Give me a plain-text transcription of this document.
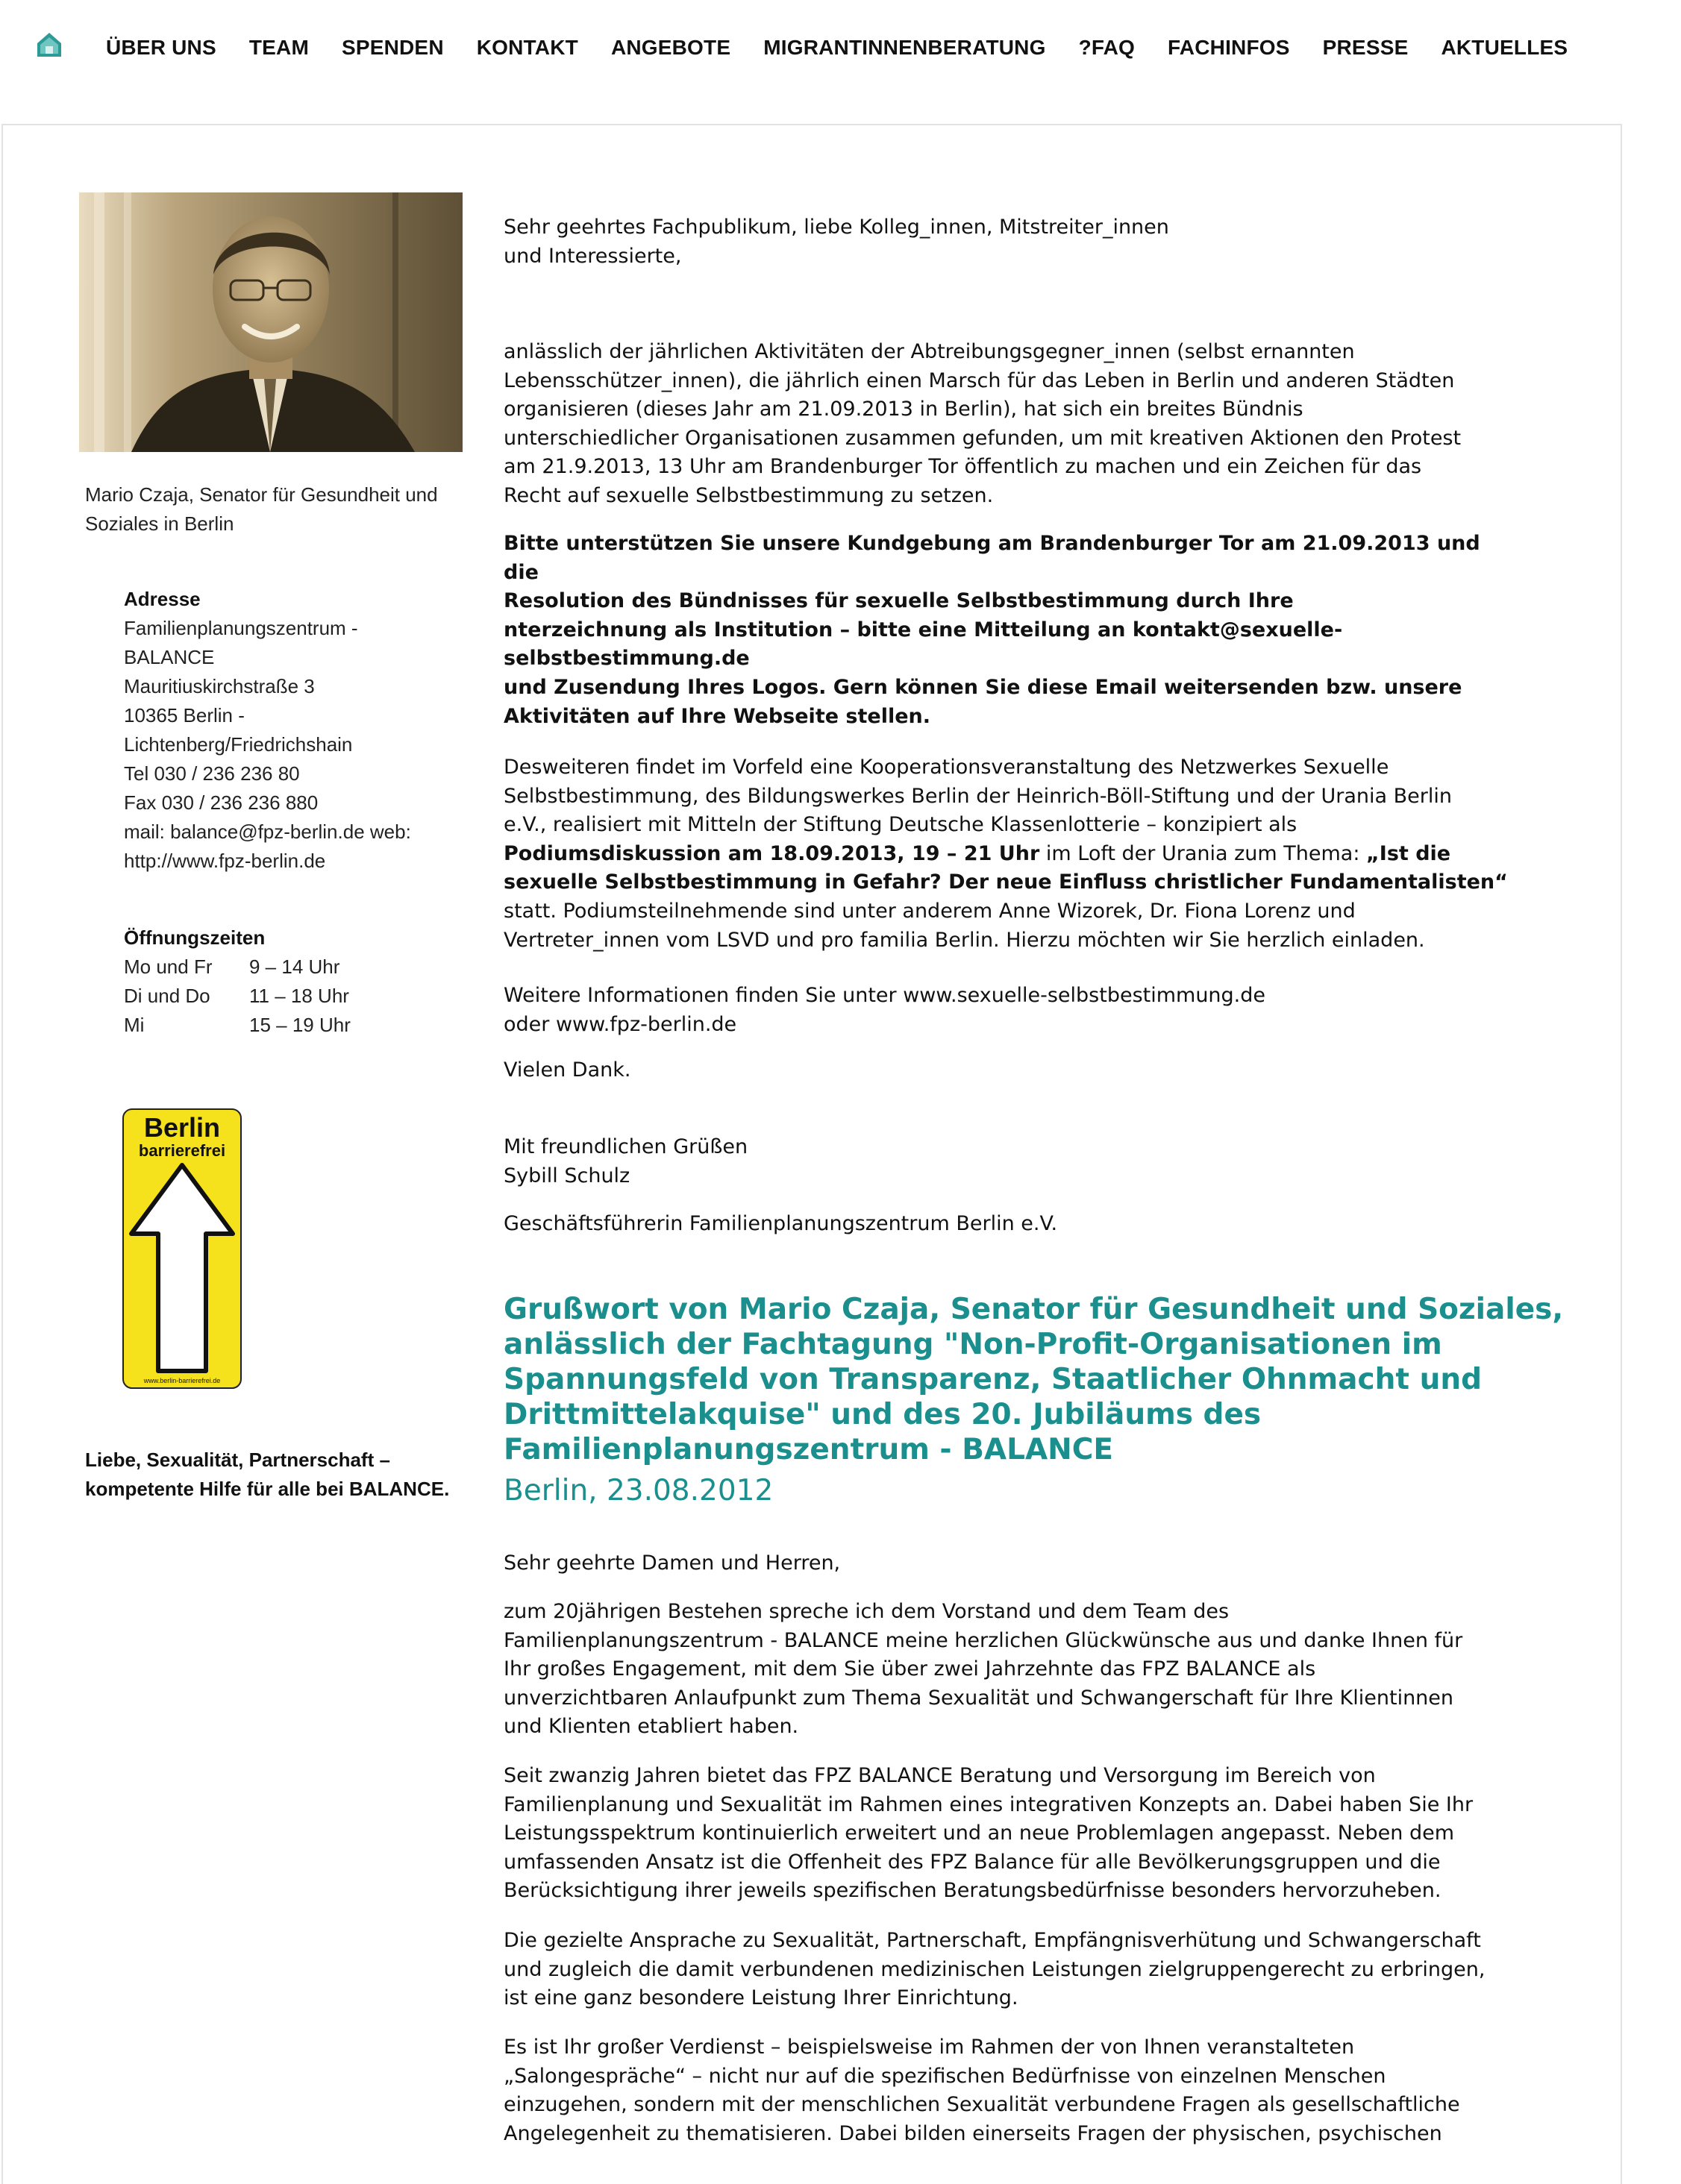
ÜBER UNS TEAM SPENDEN KONTAKT ANGEBOTE MIGRANTINNENBERATUNG ?FAQ FACHINFOS PRESSE AKTUELLES
Mario Czaja, Senator für Gesundheit und Soziales in Berlin
Adresse
Familienplanungszentrum -
BALANCE
Mauritiuskirchstraße 3
10365 Berlin -
Lichtenberg/Friedrichshain
Tel 030 / 236 236 80
Fax 030 / 236 236 880
mail: balance@fpz-berlin.de web:
http://www.fpz-berlin.de
Öffnungszeiten
Mo und Fr	9 – 14 Uhr
Di und Do	11 – 18 Uhr
Mi	15 – 19 Uhr
Berlin
barrierefrei
www.berlin-barrierefrei.de
Liebe, Sexualität, Partnerschaft – kompetente Hilfe für alle bei BALANCE.

Sehr geehrtes Fachpublikum, liebe Kolleg_innen, Mitstreiter_innen
und Interessierte,

anlässlich der jährlichen Aktivitäten der Abtreibungsgegner_innen (selbst ernannten
Lebensschützer_innen), die jährlich einen Marsch für das Leben in Berlin und anderen Städten
organisieren (dieses Jahr am 21.09.2013 in Berlin), hat sich ein breites Bündnis
unterschiedlicher Organisationen zusammen gefunden, um mit kreativen Aktionen den Protest
am 21.9.2013, 13 Uhr am Brandenburger Tor öffentlich zu machen und ein Zeichen für das
Recht auf sexuelle Selbstbestimmung zu setzen.

Bitte unterstützen Sie unsere Kundgebung am Brandenburger Tor am 21.09.2013 und
die
Resolution des Bündnisses für sexuelle Selbstbestimmung durch Ihre
nterzeichnung als Institution – bitte eine Mitteilung an kontakt@sexuelle-
selbstbestimmung.de
und Zusendung Ihres Logos. Gern können Sie diese Email weitersenden bzw. unsere
Aktivitäten auf Ihre Webseite stellen.

Desweiteren findet im Vorfeld eine Kooperationsveranstaltung des Netzwerkes Sexuelle
Selbstbestimmung, des Bildungswerkes Berlin der Heinrich-Böll-Stiftung und der Urania Berlin
e.V., realisiert mit Mitteln der Stiftung Deutsche Klassenlotterie – konzipiert als
Podiumsdiskussion am 18.09.2013, 19 – 21 Uhr im Loft der Urania zum Thema: „Ist die
sexuelle Selbstbestimmung in Gefahr? Der neue Einfluss christlicher Fundamentalisten“
statt. Podiumsteilnehmende sind unter anderem Anne Wizorek, Dr. Fiona Lorenz und
Vertreter_innen vom LSVD und pro familia Berlin. Hierzu möchten wir Sie herzlich einladen.

Weitere Informationen finden Sie unter www.sexuelle-selbstbestimmung.de
oder www.fpz-berlin.de

Vielen Dank.

Mit freundlichen Grüßen
Sybill Schulz

Geschäftsführerin Familienplanungszentrum Berlin e.V.

Grußwort von Mario Czaja, Senator für Gesundheit und Soziales,
anlässlich der Fachtagung "Non-Profit-Organisationen im
Spannungsfeld von Transparenz, Staatlicher Ohnmacht und
Drittmittelakquise" und des 20. Jubiläums des
Familienplanungszentrum - BALANCE

Berlin, 23.08.2012

Sehr geehrte Damen und Herren,

zum 20jährigen Bestehen spreche ich dem Vorstand und dem Team des
Familienplanungszentrum - BALANCE meine herzlichen Glückwünsche aus und danke Ihnen für
Ihr großes Engagement, mit dem Sie über zwei Jahrzehnte das FPZ BALANCE als
unverzichtbaren Anlaufpunkt zum Thema Sexualität und Schwangerschaft für Ihre Klientinnen
und Klienten etabliert haben.

Seit zwanzig Jahren bietet das FPZ BALANCE Beratung und Versorgung im Bereich von
Familienplanung und Sexualität im Rahmen eines integrativen Konzepts an. Dabei haben Sie Ihr
Leistungsspektrum kontinuierlich erweitert und an neue Problemlagen angepasst. Neben dem
umfassenden Ansatz ist die Offenheit des FPZ Balance für alle Bevölkerungsgruppen und die
Berücksichtigung ihrer jeweils spezifischen Beratungsbedürfnisse besonders hervorzuheben.

Die gezielte Ansprache zu Sexualität, Partnerschaft, Empfängnisverhütung und Schwangerschaft
und zugleich die damit verbundenen medizinischen Leistungen zielgruppengerecht zu erbringen,
ist eine ganz besondere Leistung Ihrer Einrichtung.

Es ist Ihr großer Verdienst – beispielsweise im Rahmen der von Ihnen veranstalteten
„Salongespräche“ – nicht nur auf die spezifischen Bedürfnisse von einzelnen Menschen
einzugehen, sondern mit der menschlichen Sexualität verbundene Fragen als gesellschaftliche
Angelegenheit zu thematisieren. Dabei bilden einerseits Fragen der physischen, psychischen
